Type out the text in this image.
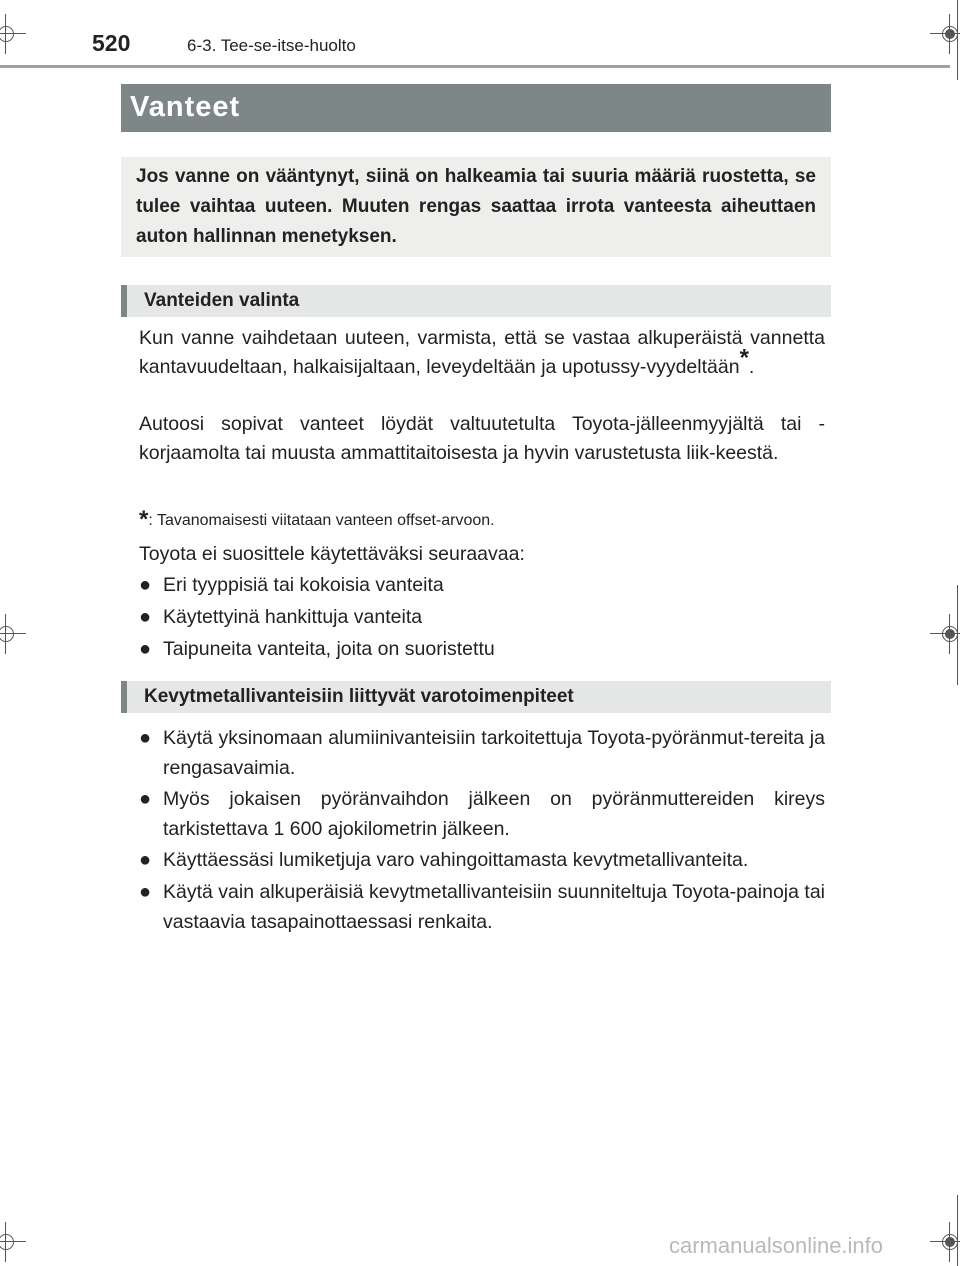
520	6-3. Tee-se-itse-huolto
Vanteet
Jos vanne on vääntynyt, siinä on halkeamia tai suuria määriä ruostetta, se tulee vaihtaa uuteen. Muuten rengas saattaa irrota vanteesta aiheuttaen auton hallinnan menetyksen.
Vanteiden valinta

Kun vanne vaihdetaan uuteen, varmista, että se vastaa alkuperäistä vannetta kantavuudeltaan, halkaisijaltaan, leveydeltään ja upotussy-vyydeltään*.

Autoosi sopivat vanteet löydät valtuutetulta Toyota-jälleenmyyjältä tai -korjaamolta tai muusta ammattitaitoisesta ja hyvin varustetusta liik-keestä.

*: Tavanomaisesti viitataan vanteen offset-arvoon.

Toyota ei suosittele käytettäväksi seuraavaa:

● Eri tyyppisiä tai kokoisia vanteita
● Käytettyinä hankittuja vanteita
● Taipuneita vanteita, joita on suoristettu
Kevytmetallivanteisiin liittyvät varotoimenpiteet
● Käytä yksinomaan alumiinivanteisiin tarkoitettuja Toyota-pyöränmut-tereita ja rengasavaimia.
● Myös jokaisen pyöränvaihdon jälkeen on pyöränmuttereiden kireys tarkistettava 1 600 ajokilometrin jälkeen.
● Käyttäessäsi lumiketjuja varo vahingoittamasta kevytmetallivanteita.
● Käytä vain alkuperäisiä kevytmetallivanteisiin suunniteltuja Toyota-painoja tai vastaavia tasapainottaessasi renkaita.
carmanualsonline.info
